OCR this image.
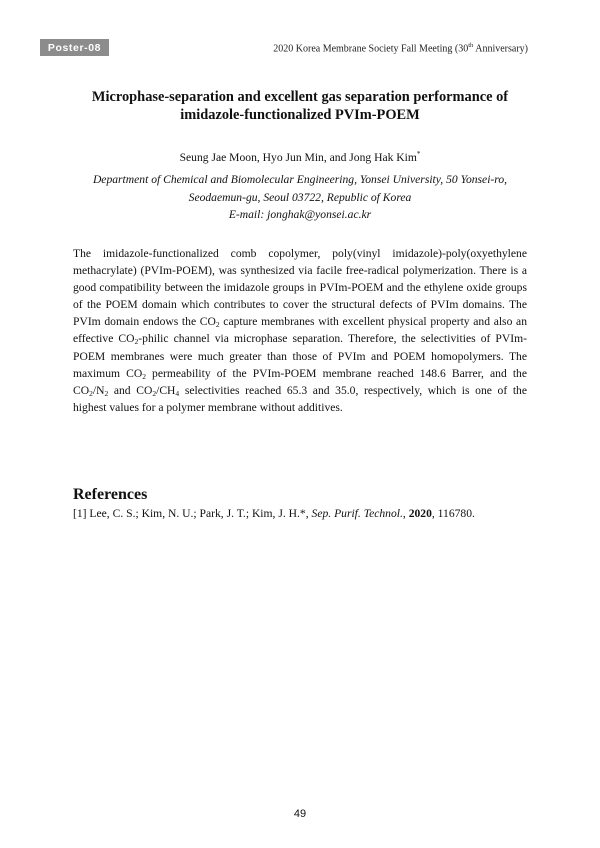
Poster-08	2020 Korea Membrane Society Fall Meeting (30th Anniversary)
Microphase-separation and excellent gas separation performance of
imidazole-functionalized PVIm-POEM
Seung Jae Moon, Hyo Jun Min, and Jong Hak Kim*
Department of Chemical and Biomolecular Engineering, Yonsei University, 50 Yonsei-ro,
Seodaemun-gu, Seoul 03722, Republic of Korea
E-mail: jonghak@yonsei.ac.kr

The imidazole-functionalized comb copolymer, poly(vinyl imidazole)-poly(oxyethylene methacrylate) (PVIm-POEM), was synthesized via facile free-radical polymerization. There is a good compatibility between the imidazole groups in PVIm-POEM and the ethylene oxide groups of the POEM domain which contributes to cover the structural defects of PVIm domains. The PVIm domain endows the $CO_2$ capture membranes with excellent physical property and also an effective $CO_2$-philic channel via microphase separation. Therefore, the selectivities of PVIm-POEM membranes were much greater than those of PVIm and POEM homopolymers. The maximum $CO_2$ permeability of the PVIm-POEM membrane reached 148.6 Barrer, and the $CO_2/N_2$ and $CO_2/CH_4$ selectivities reached 65.3 and 35.0, respectively, which is one of the highest values for a polymer membrane without additives.

References
[1] Lee, C. S.; Kim, N. U.; Park, J. T.; Kim, J. H.*, Sep. Purif. Technol., 2020, 116780.
49
